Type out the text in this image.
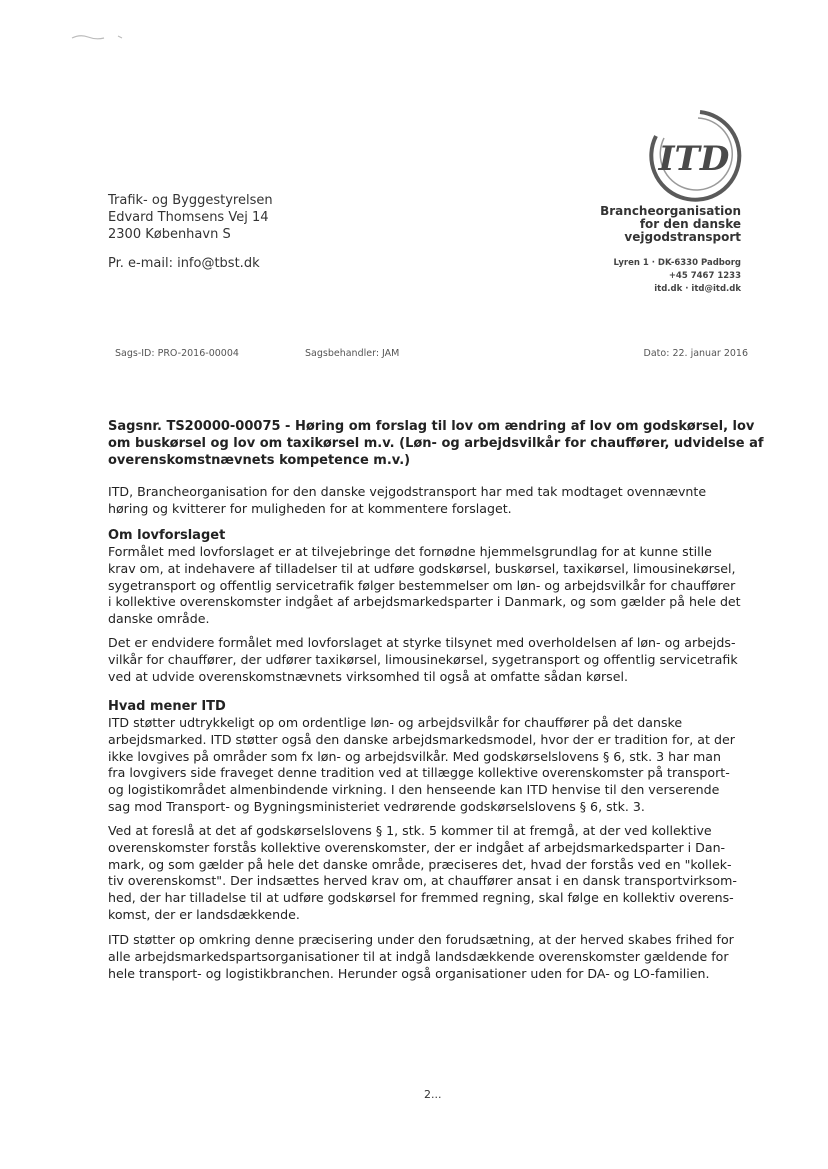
Trafik- og Byggestyrelsen
Edvard Thomsens Vej 14
2300 København S
Pr. e-mail: info@tbst.dk
ITD
Brancheorganisation
for den danske
vejgodstransport
Lyren 1 · DK-6330 Padborg
+45 7467 1233
itd.dk · itd@itd.dk
Sags-ID: PRO-2016-00004	Sagsbehandler: JAM	Dato: 22. januar 2016
Sagsnr. TS20000-00075 - Høring om forslag til lov om ændring af lov om godskørsel, lov
om buskørsel og lov om taxikørsel m.v. (Løn- og arbejdsvilkår for chauffører, udvidelse af
overenskomstnævnets kompetence m.v.)
ITD, Brancheorganisation for den danske vejgodstransport har med tak modtaget ovennævnte
høring og kvitterer for muligheden for at kommentere forslaget.
Om lovforslaget
Formålet med lovforslaget er at tilvejebringe det fornødne hjemmelsgrundlag for at kunne stille
krav om, at indehavere af tilladelser til at udføre godskørsel, buskørsel, taxikørsel, limousinekørsel,
sygetransport og offentlig servicetrafik følger bestemmelser om løn- og arbejdsvilkår for chauffører
i kollektive overenskomster indgået af arbejdsmarkedsparter i Danmark, og som gælder på hele det
danske område.
Det er endvidere formålet med lovforslaget at styrke tilsynet med overholdelsen af løn- og arbejds-
vilkår for chauffører, der udfører taxikørsel, limousinekørsel, sygetransport og offentlig servicetrafik
ved at udvide overenskomstnævnets virksomhed til også at omfatte sådan kørsel.
Hvad mener ITD
ITD støtter udtrykkeligt op om ordentlige løn- og arbejdsvilkår for chauffører på det danske
arbejdsmarked. ITD støtter også den danske arbejdsmarkedsmodel, hvor der er tradition for, at der
ikke lovgives på områder som fx løn- og arbejdsvilkår. Med godskørselslovens § 6, stk. 3 har man
fra lovgivers side fraveget denne tradition ved at tillægge kollektive overenskomster på transport-
og logistikområdet almenbindende virkning. I den henseende kan ITD henvise til den verserende
sag mod Transport- og Bygningsministeriet vedrørende godskørselslovens § 6, stk. 3.
Ved at foreslå at det af godskørselslovens § 1, stk. 5 kommer til at fremgå, at der ved kollektive
overenskomster forstås kollektive overenskomster, der er indgået af arbejdsmarkedsparter i Dan-
mark, og som gælder på hele det danske område, præciseres det, hvad der forstås ved en "kollek-
tiv overenskomst". Der indsættes herved krav om, at chauffører ansat i en dansk transportvirksom-
hed, der har tilladelse til at udføre godskørsel for fremmed regning, skal følge en kollektiv overens-
komst, der er landsdækkende.
ITD støtter op omkring denne præcisering under den forudsætning, at der herved skabes frihed for
alle arbejdsmarkedspartsorganisationer til at indgå landsdækkende overenskomster gældende for
hele transport- og logistikbranchen. Herunder også organisationer uden for DA- og LO-familien.
2...
